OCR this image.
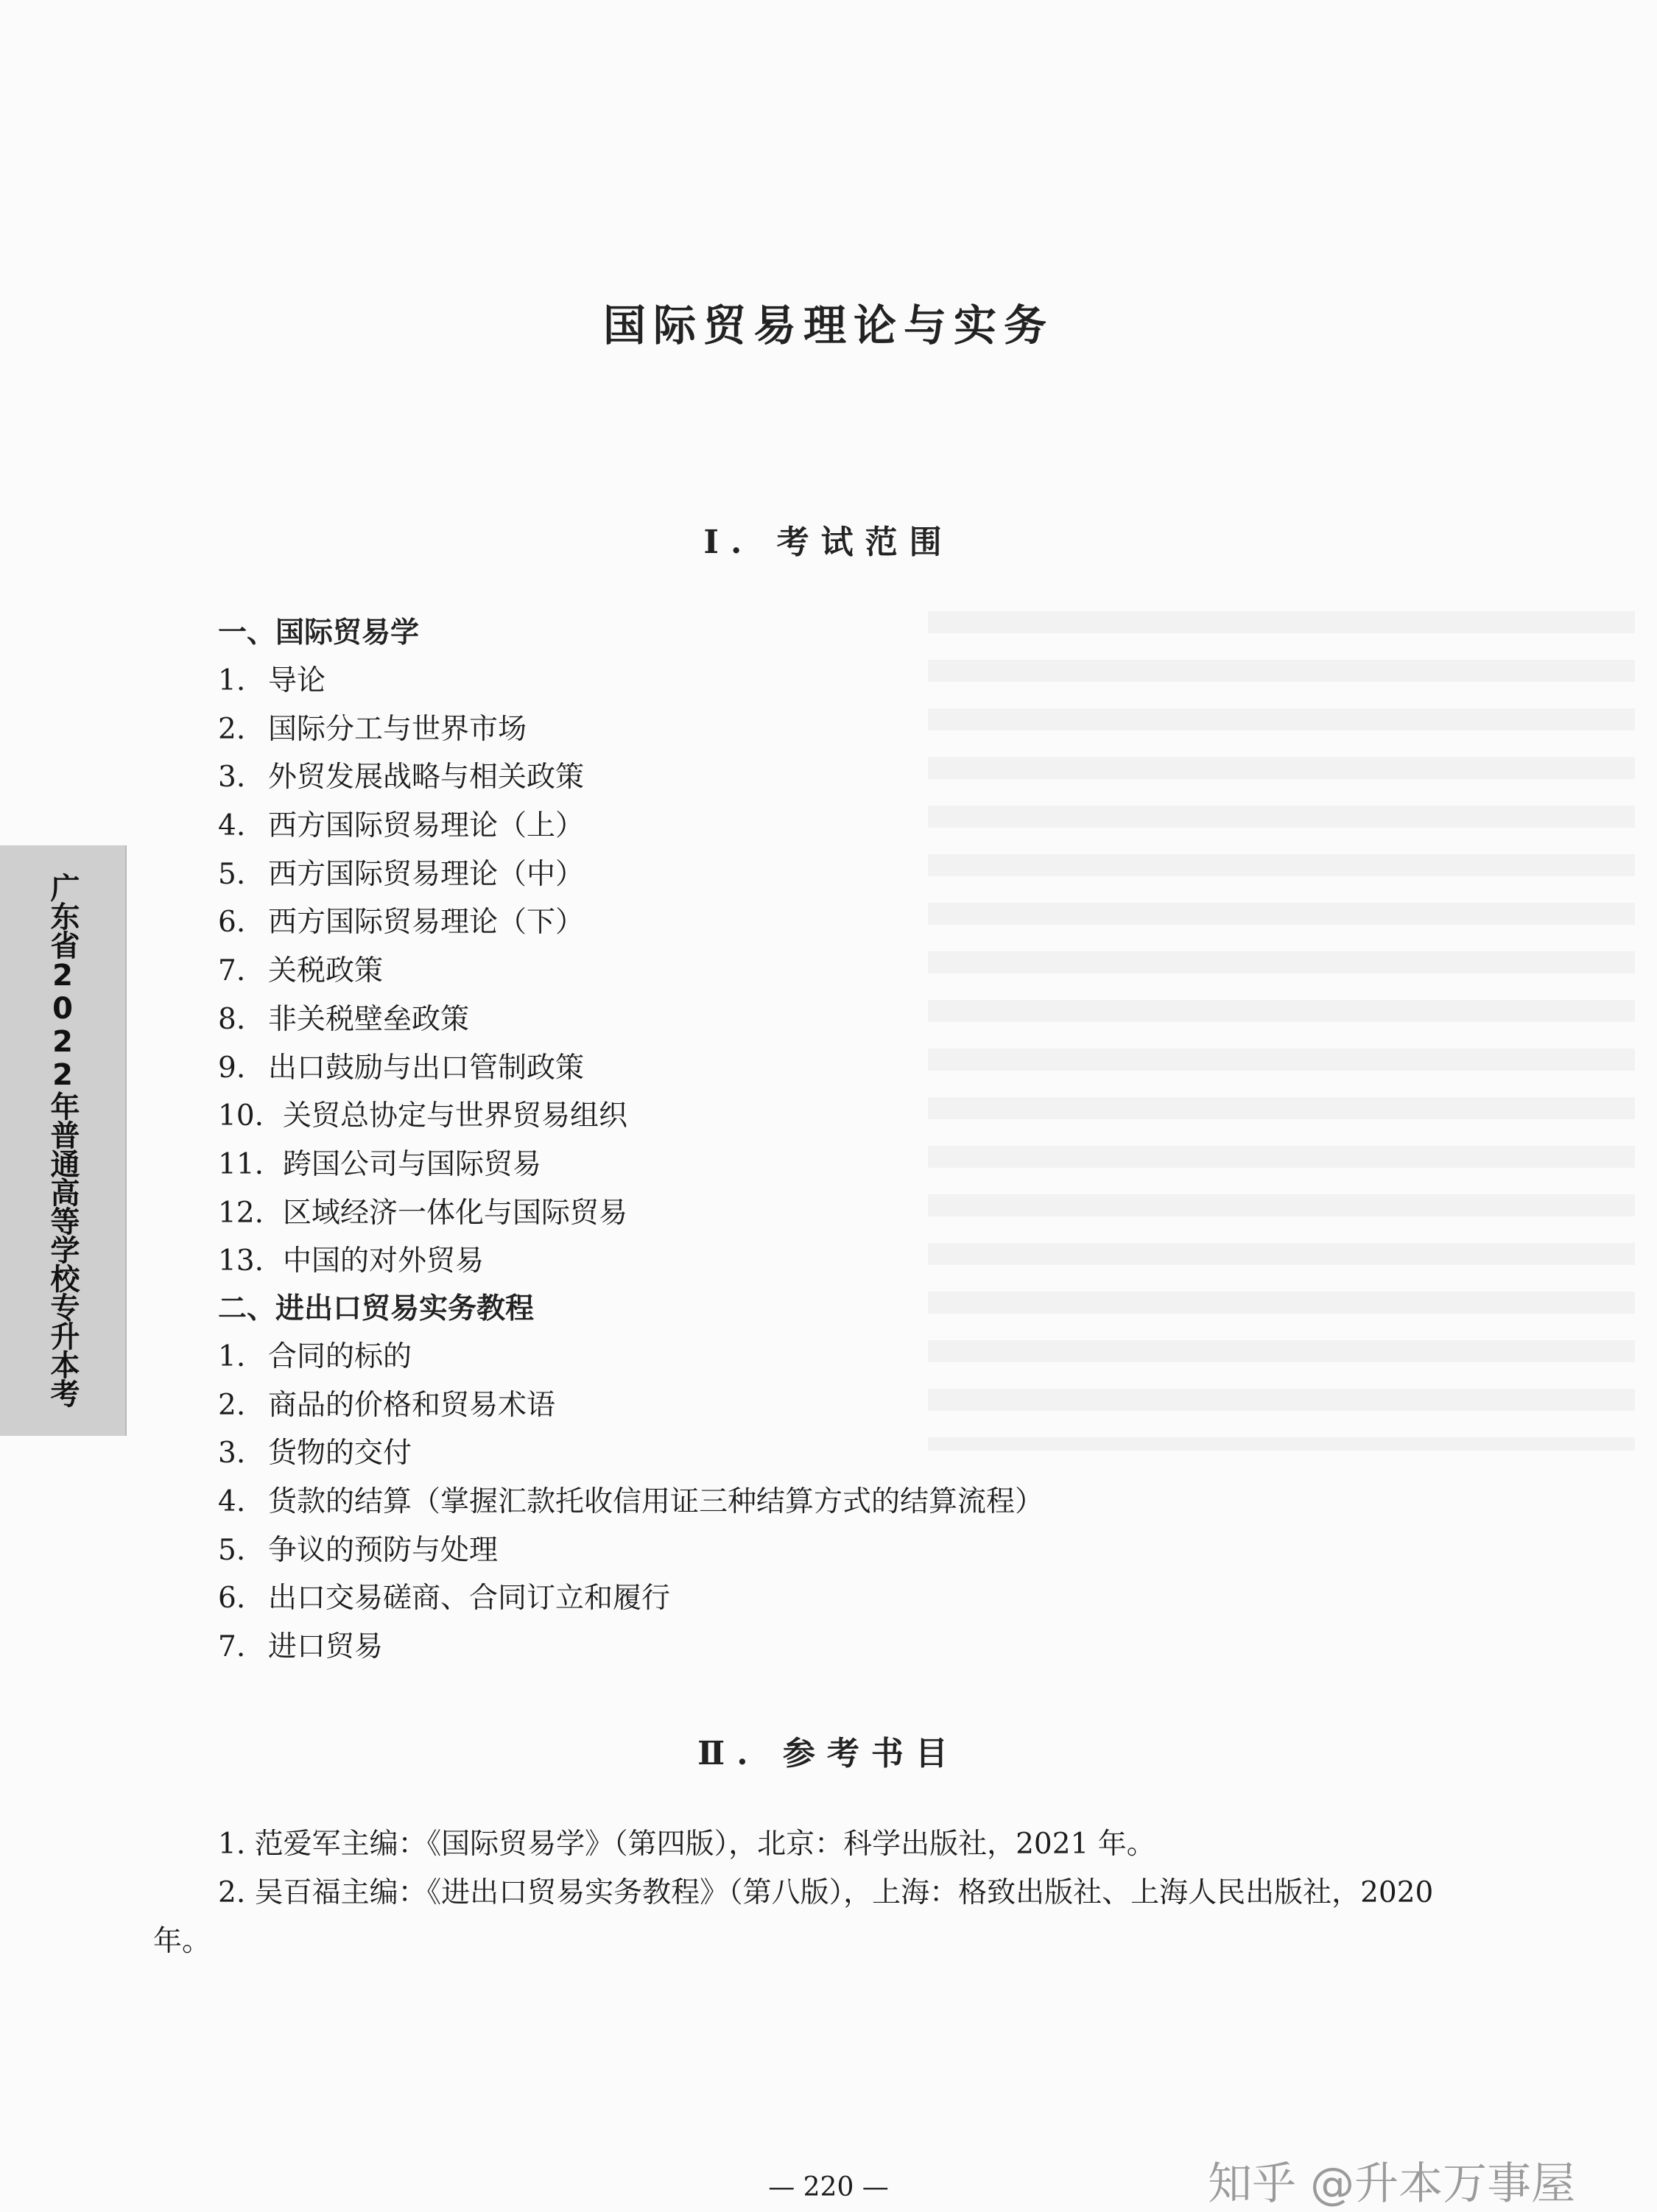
国际贸易理论与实务
Ⅰ. 考试范围
一、国际贸易学
1. 导论
2. 国际分工与世界市场
3. 外贸发展战略与相关政策
4. 西方国际贸易理论（上）
5. 西方国际贸易理论（中）
6. 西方国际贸易理论（下）
7. 关税政策
8. 非关税壁垒政策
9. 出口鼓励与出口管制政策
10. 关贸总协定与世界贸易组织
11. 跨国公司与国际贸易
12. 区域经济一体化与国际贸易
13. 中国的对外贸易
二、进出口贸易实务教程
1. 合同的标的
2. 商品的价格和贸易术语
3. 货物的交付
4. 货款的结算（掌握汇款托收信用证三种结算方式的结算流程）
5. 争议的预防与处理
6. 出口交易磋商、合同订立和履行
7. 进口贸易
Ⅱ. 参考书目

1. 范爱军主编：《国际贸易学》（第四版），北京：科学出版社，2021 年。

2. 吴百福主编：《进出口贸易实务教程》（第八版），上海：格致出版社、上海人民出版社，2020 年。

广东省2022年普通高等学校专升本考
— 220 —	知乎 @升本万事屋
